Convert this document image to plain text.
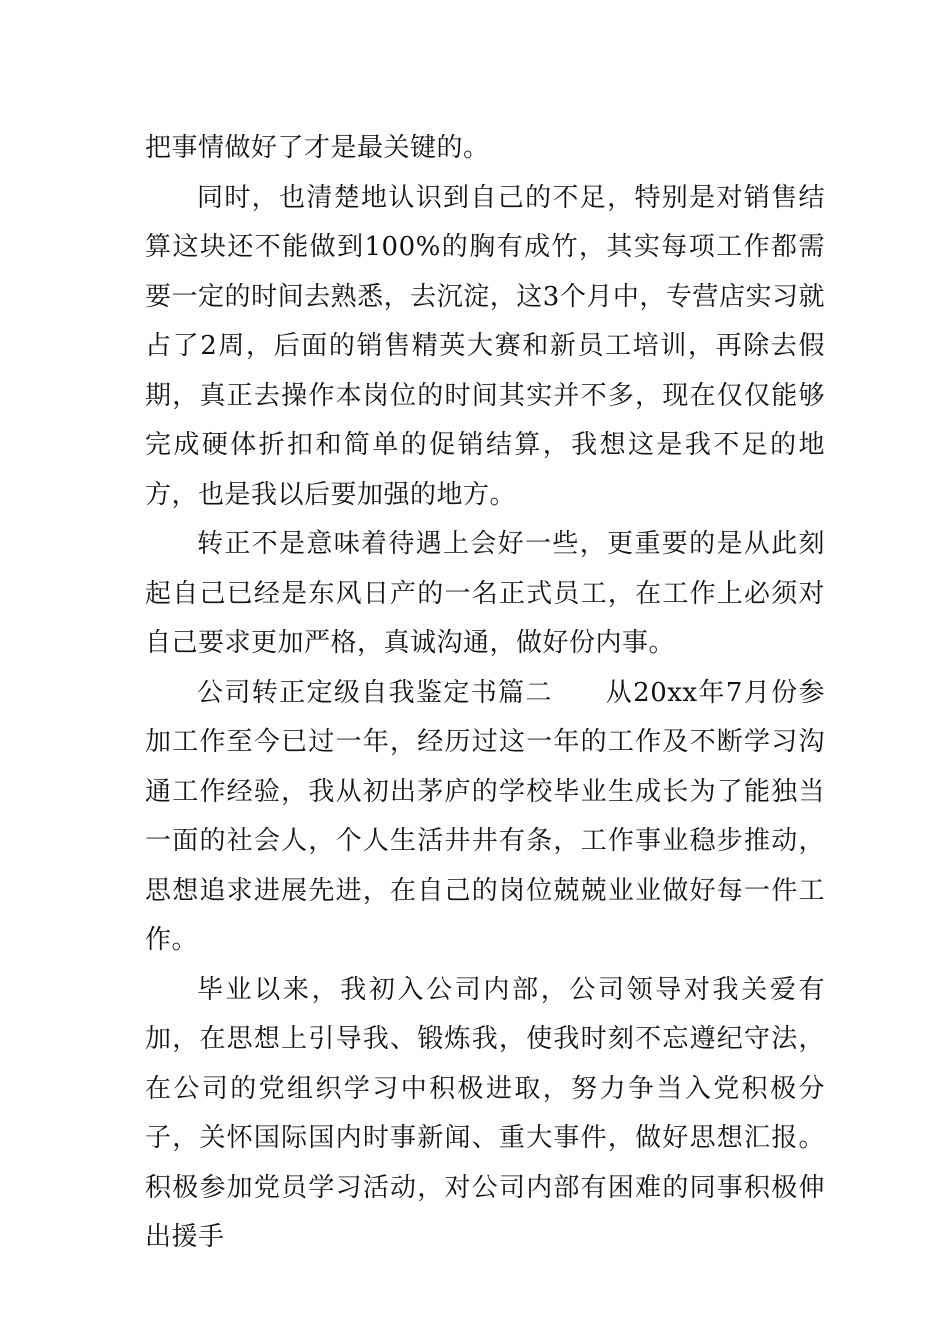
把事情做好了才是最关键的。

同时，也清楚地认识到自己的不足，特别是对销售结算这块还不能做到100%的胸有成竹，其实每项工作都需要一定的时间去熟悉，去沉淀，这3个月中，专营店实习就占了2周，后面的销售精英大赛和新员工培训，再除去假期，真正去操作本岗位的时间其实并不多，现在仅仅能够完成硬体折扣和简单的促销结算，我想这是我不足的地方，也是我以后要加强的地方。

转正不是意味着待遇上会好一些，更重要的是从此刻起自己已经是东风日产的一名正式员工，在工作上必须对自己要求更加严格，真诚沟通，做好份内事。

公司转正定级自我鉴定书篇二 从20xx年7月份参加工作至今已过一年，经历过这一年的工作及不断学习沟通工作经验，我从初出茅庐的学校毕业生成长为了能独当一面的社会人，个人生活井井有条，工作事业稳步推动，思想追求进展先进，在自己的岗位兢兢业业做好每一件工作。

毕业以来，我初入公司内部，公司领导对我关爱有加，在思想上引导我、锻炼我，使我时刻不忘遵纪守法，在公司的党组织学习中积极进取，努力争当入党积极分子，关怀国际国内时事新闻、重大事件，做好思想汇报。积极参加党员学习活动，对公司内部有困难的同事积极伸出援手
